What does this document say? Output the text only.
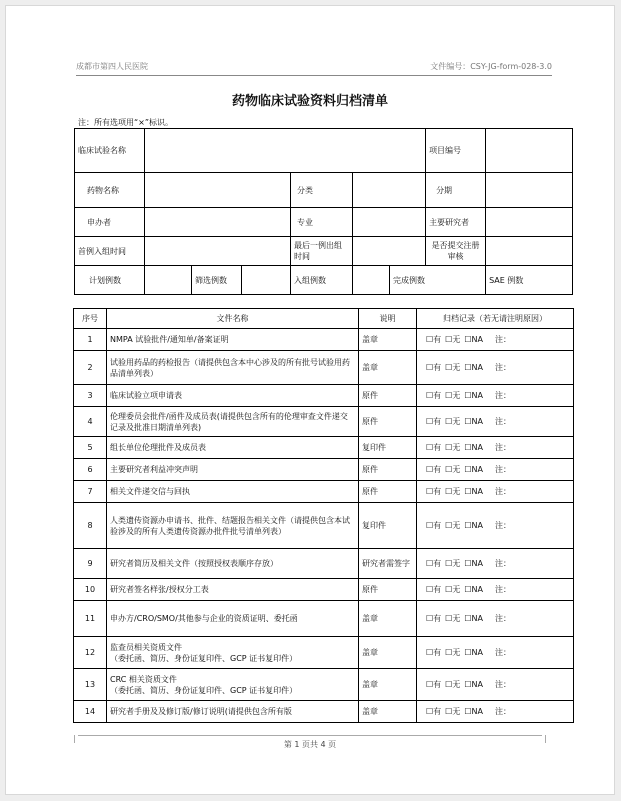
成都市第四人民医院	文件编号：CSY-JG-form-028-3.0
药物临床试验资料归档清单
注：所有选项用“×”标识。
临床试验名称							项目编号	
药物名称				分类			分期	
申办者				专业			主要研究者	
首例入组时间				最后一例出组时间			是否提交注册审核	
计划例数		筛选例数		入组例数		完成例数		SAE 例数
序号	文件名称	说明	归档记录（若无请注明原因）
1	NMPA 试验批件/通知单/备案证明	盖章	☐有 ☐无 ☐NA 注：
2	试验用药品的药检报告（请提供包含本中心涉及的所有批号试验用药品清单列表）	盖章	☐有 ☐无 ☐NA 注：
3	临床试验立项申请表	原件	☐有 ☐无 ☐NA 注：
4	伦理委员会批件/函件及成员表(请提供包含所有的伦理审查文件递交记录及批准日期清单列表)	原件	☐有 ☐无 ☐NA 注：
5	组长单位伦理批件及成员表	复印件	☐有 ☐无 ☐NA 注：
6	主要研究者利益冲突声明	原件	☐有 ☐无 ☐NA 注：
7	相关文件递交信与回执	原件	☐有 ☐无 ☐NA 注：
8	人类遗传资源办申请书、批件、结题报告相关文件（请提供包含本试验涉及的所有人类遗传资源办批件批号清单列表）	复印件	☐有 ☐无 ☐NA 注：
9	研究者简历及相关文件（按照授权表顺序存放）	研究者需签字	☐有 ☐无 ☐NA 注：
10	研究者签名样张/授权分工表	原件	☐有 ☐无 ☐NA 注：
11	申办方/CRO/SMO/其他参与企业的资质证明、委托函	盖章	☐有 ☐无 ☐NA 注：
12	监查员相关资质文件
（委托函、简历、身份证复印件、GCP 证书复印件）	盖章	☐有 ☐无 ☐NA 注：
13	CRC 相关资质文件
（委托函、简历、身份证复印件、GCP 证书复印件）	盖章	☐有 ☐无 ☐NA 注：
14	研究者手册及及修订版/修订说明(请提供包含所有版	盖章	☐有 ☐无 ☐NA 注：
第 1 页共 4 页
